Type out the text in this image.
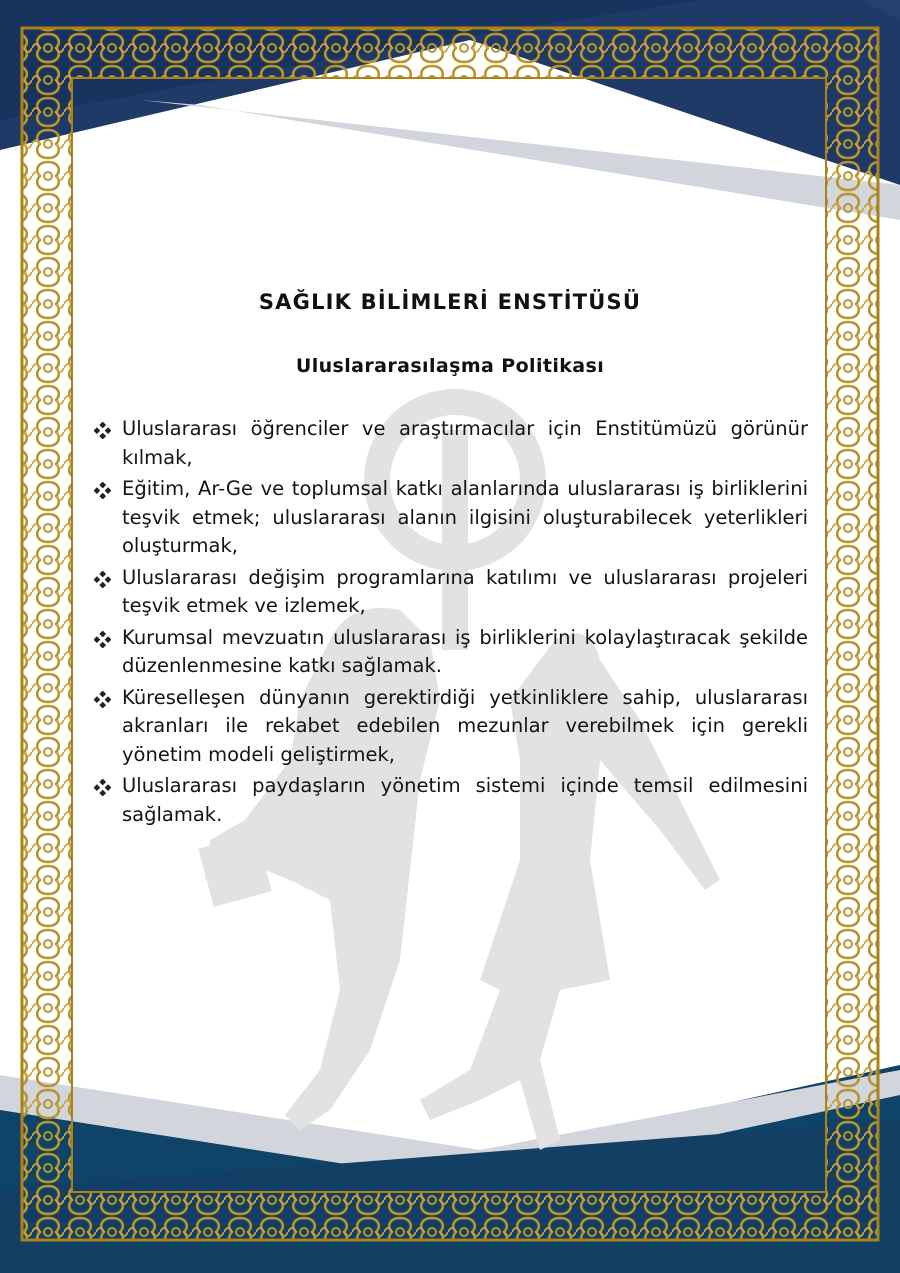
SAĞLIK BİLİMLERİ ENSTİTÜSÜ
Uluslararasılaşma Politikası
Uluslararası öğrenciler ve araştırmacılar için Enstitümüzü görünür kılmak,
Eğitim, Ar-Ge ve toplumsal katkı alanlarında uluslararası iş birliklerini teşvik etmek; uluslararası alanın ilgisini oluşturabilecek yeterlikleri oluşturmak,
Uluslararası değişim programlarına katılımı ve uluslararası projeleri teşvik etmek ve izlemek,
Kurumsal mevzuatın uluslararası iş birliklerini kolaylaştıracak şekilde düzenlenmesine katkı sağlamak.
Küreselleşen dünyanın gerektirdiği yetkinliklere sahip, uluslararası akranları ile rekabet edebilen mezunlar verebilmek için gerekli yönetim modeli geliştirmek,
Uluslararası paydaşların yönetim sistemi içinde temsil edilmesini sağlamak.
